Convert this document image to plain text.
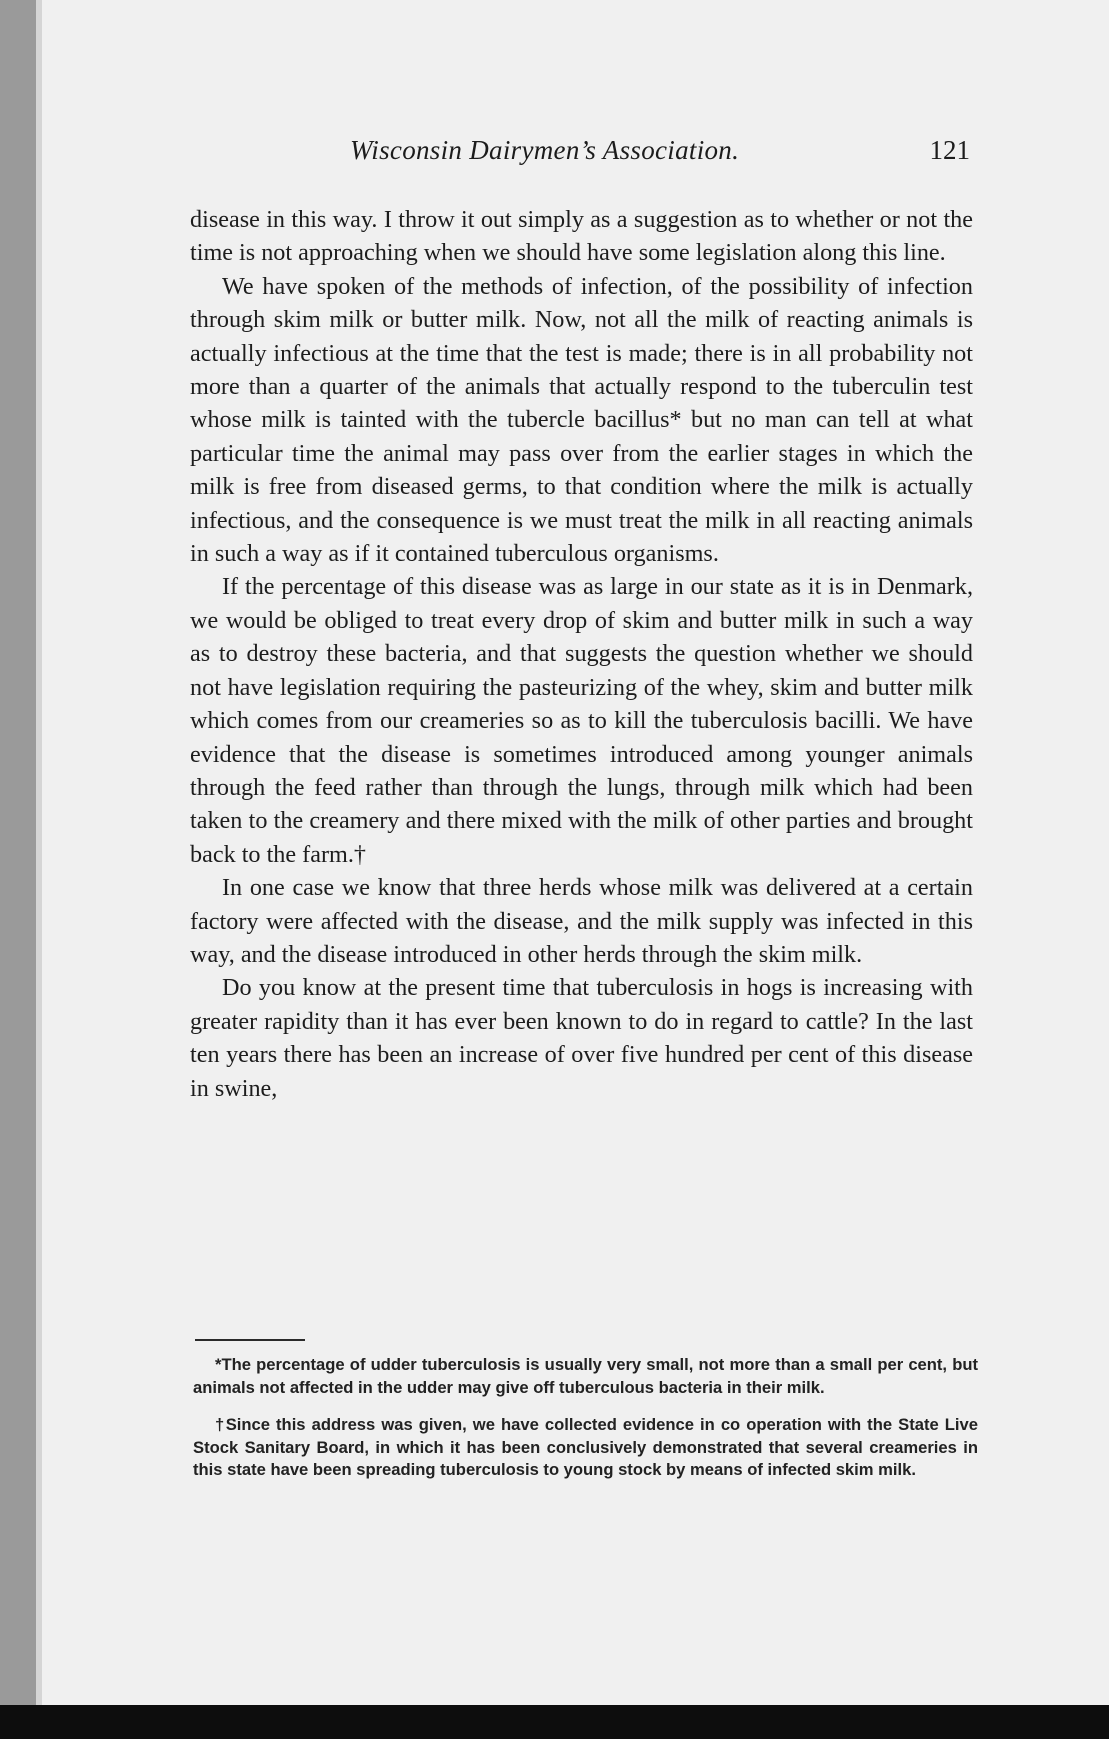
Wisconsin Dairymen’s Association.	121

disease in this way. I throw it out simply as a suggestion as to whether or not the time is not approaching when we should have some legislation along this line.

We have spoken of the methods of infection, of the possibility of infection through skim milk or butter milk. Now, not all the milk of reacting animals is actually infectious at the time that the test is made; there is in all probability not more than a quarter of the animals that actually respond to the tuberculin test whose milk is tainted with the tubercle bacillus* but no man can tell at what particular time the animal may pass over from the earlier stages in which the milk is free from diseased germs, to that condition where the milk is actually infectious, and the consequence is we must treat the milk in all reacting animals in such a way as if it contained tuberculous organisms.

If the percentage of this disease was as large in our state as it is in Denmark, we would be obliged to treat every drop of skim and butter milk in such a way as to destroy these bacteria, and that suggests the question whether we should not have legislation requiring the pasteurizing of the whey, skim and butter milk which comes from our creameries so as to kill the tuberculosis bacilli. We have evidence that the disease is sometimes introduced among younger animals through the feed rather than through the lungs, through milk which had been taken to the creamery and there mixed with the milk of other parties and brought back to the farm.†

In one case we know that three herds whose milk was delivered at a certain factory were affected with the disease, and the milk supply was infected in this way, and the disease introduced in other herds through the skim milk.

Do you know at the present time that tuberculosis in hogs is increasing with greater rapidity than it has ever been known to do in regard to cattle? In the last ten years there has been an increase of over five hundred per cent of this disease in swine,

*The percentage of udder tuberculosis is usually very small, not more than a small per cent, but animals not affected in the udder may give off tuberculous bacteria in their milk.

†Since this address was given, we have collected evidence in co operation with the State Live Stock Sanitary Board, in which it has been conclusively demonstrated that several creameries in this state have been spreading tuberculosis to young stock by means of infected skim milk.
